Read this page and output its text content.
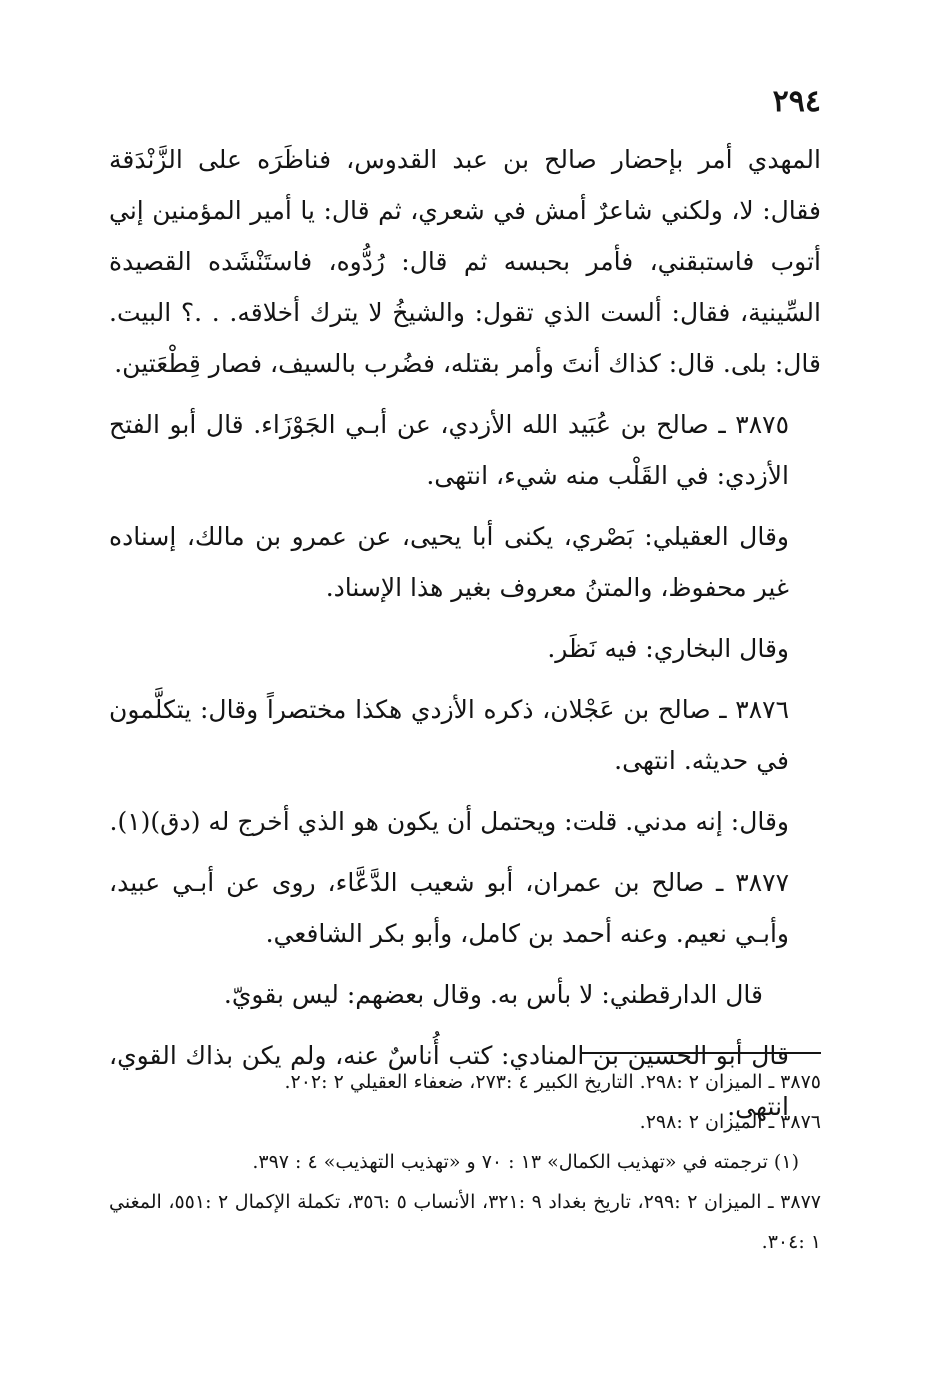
٢٩٤

المهدي أمر بإحضار صالح بن عبد القدوس، فناظَرَه على الزَّنْدَقة فقال: لا، ولكني شاعرٌ أمش في شعري، ثم قال: يا أمير المؤمنين إني أتوب فاستبقني، فأمر بحبسه ثم قال: رُدُّوه، فاستَنْشَده القصيدة السِّينية، فقال: ألست الذي تقول: والشيخُ لا يترك أخلاقه. . .؟ البيت. قال: بلى. قال: كذاك أنتَ وأمر بقتله، فضُرب بالسيف، فصار قِطْعَتين.

٣٨٧٥ ـ صالح بن عُبَيد الله الأزدي، عن أبـي الجَوْزَاء. قال أبو الفتح الأزدي: في القَلْب منه شيء، انتهى.

وقال العقيلي: بَصْري، يكنى أبا يحيى، عن عمرو بن مالك، إسناده غير محفوظ، والمتنُ معروف بغير هذا الإسناد.

وقال البخاري: فيه نَظَر.

٣٨٧٦ ـ صالح بن عَجْلان، ذكره الأزدي هكذا مختصراً وقال: يتكلَّمون في حديثه. انتهى.

وقال: إنه مدني. قلت: ويحتمل أن يكون هو الذي أخرج له (دق)(١).

٣٨٧٧ ـ صالح بن عمران، أبو شعيب الدَّعَّاء، روى عن أبـي عبيد، وأبـي نعيم. وعنه أحمد بن كامل، وأبو بكر الشافعي.

قال الدارقطني: لا بأس به. وقال بعضهم: ليس بقويّ.

قال أبو الحسين بن المنادي: كتب أُناسٌ عنه، ولم يكن بذاك القوي، انتهى.

٣٨٧٥ ـ الميزان ٢ :٢٩٨. التاريخ الكبير ٤ :٢٧٣، ضعفاء العقيلي ٢ :٢٠٢.

٣٨٧٦ ـ الميزان ٢ :٢٩٨.

(١) ترجمته في «تهذيب الكمال» ١٣ : ٧٠ و «تهذيب التهذيب» ٤ : ٣٩٧.

٣٨٧٧ ـ الميزان ٢ :٢٩٩، تاريخ بغداد ٩ :٣٢١، الأنساب ٥ :٣٥٦، تكملة الإكمال ٢ :٥٥١، المغني ١ :٣٠٤.
